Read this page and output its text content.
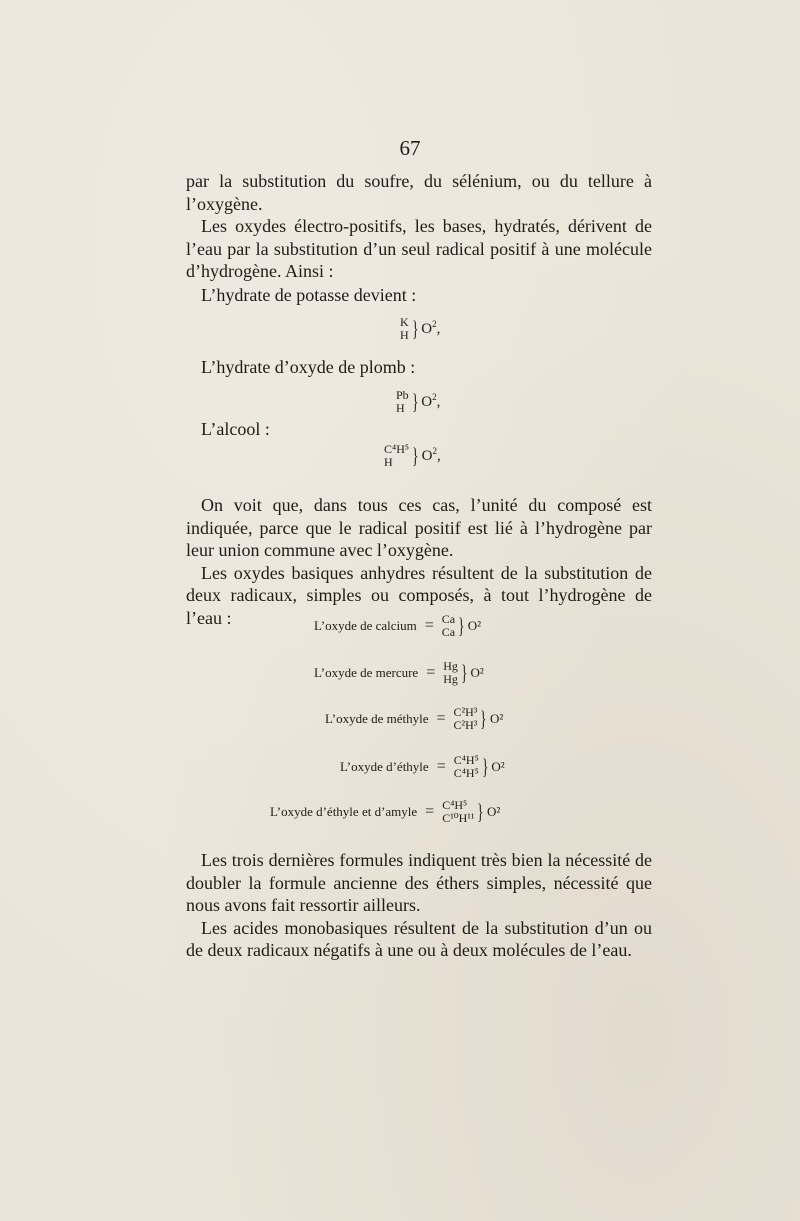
67

par la substitution du soufre, du sélénium, ou du tellure à l’oxygène.

Les oxydes électro-positifs, les bases, hydratés, dérivent de l’eau par la substitution d’un seul radical positif à une molécule d’hydrogène. Ainsi :

L’hydrate de potasse devient :
K
H } $O^2$,
L’hydrate d’oxyde de plomb :
Pb
H } $O^2$,
L’alcool :
C⁴H⁵
H } $O^2$,

On voit que, dans tous ces cas, l’unité du composé est indiquée, parce que le radical positif est lié à l’hydrogène par leur union commune avec l’oxygène.

Les oxydes basiques anhydres résultent de la substitution de deux radicaux, simples ou composés, à tout l’hydrogène de l’eau :	L’oxyde de calcium = Ca
Ca } O²
L’oxyde de mercure = Hg
Hg } O²
L’oxyde de méthyle = C²H³
C²H³ } O²
L’oxyde d’éthyle = C⁴H⁵
C⁴H⁵ } O²
L’oxyde d’éthyle et d’amyle = C⁴H⁵
C¹⁰H¹¹ } O²

Les trois dernières formules indiquent très bien la nécessité de doubler la formule ancienne des éthers simples, nécessité que nous avons fait ressortir ailleurs.

Les acides monobasiques résultent de la substitution d’un ou de deux radicaux négatifs à une ou à deux molécules de l’eau.
